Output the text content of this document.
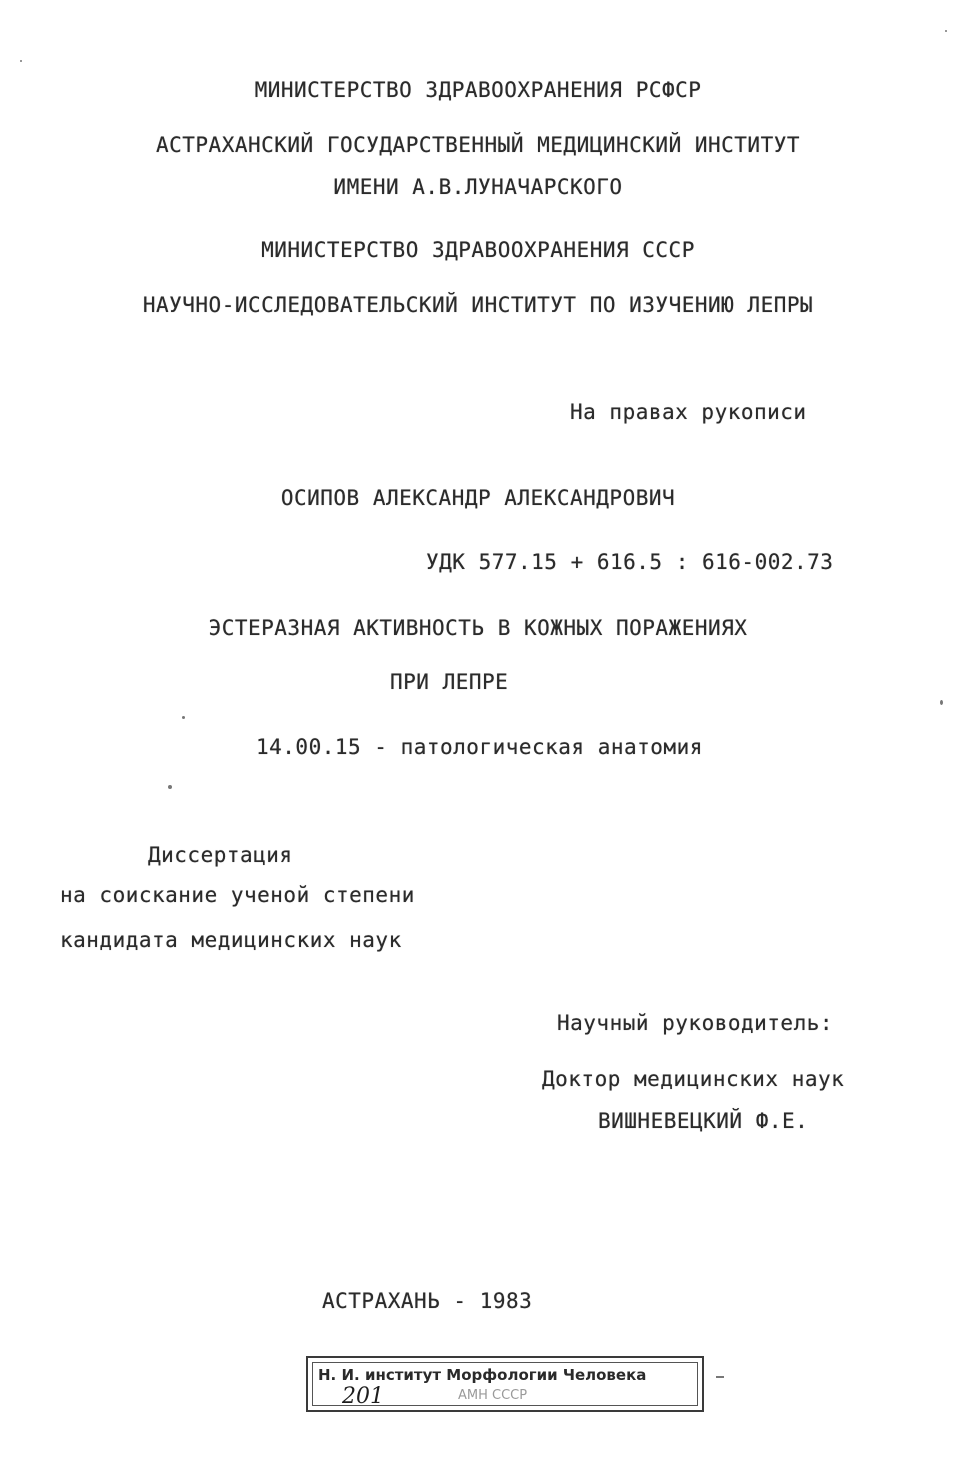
МИНИСТЕРСТВО ЗДРАВООХРАНЕНИЯ РСФСР
АСТРАХАНСКИЙ ГОСУДАРСТВЕННЫЙ МЕДИЦИНСКИЙ ИНСТИТУТ
ИМЕНИ А.В.ЛУНАЧАРСКОГО
МИНИСТЕРСТВО ЗДРАВООХРАНЕНИЯ СССР
НАУЧНО-ИССЛЕДОВАТЕЛЬСКИЙ ИНСТИТУТ ПО ИЗУЧЕНИЮ ЛЕПРЫ
На правах рукописи
ОСИПОВ АЛЕКСАНДР АЛЕКСАНДРОВИЧ
УДК 577.15 + 616.5 : 616-002.73
ЭСТЕРАЗНАЯ АКТИВНОСТЬ В КОЖНЫХ ПОРАЖЕНИЯХ
ПРИ ЛЕПРЕ
14.00.15 - патологическая анатомия
Диссертация
на соискание ученой степени
кандидата медицинских наук
Научный руководитель:
Доктор медицинских наук
ВИШНЕВЕЦКИЙ Ф.Е.
АСТРАХАНЬ - 1983
Н. И. институт Морфологии Человека
201	АМН СССР
